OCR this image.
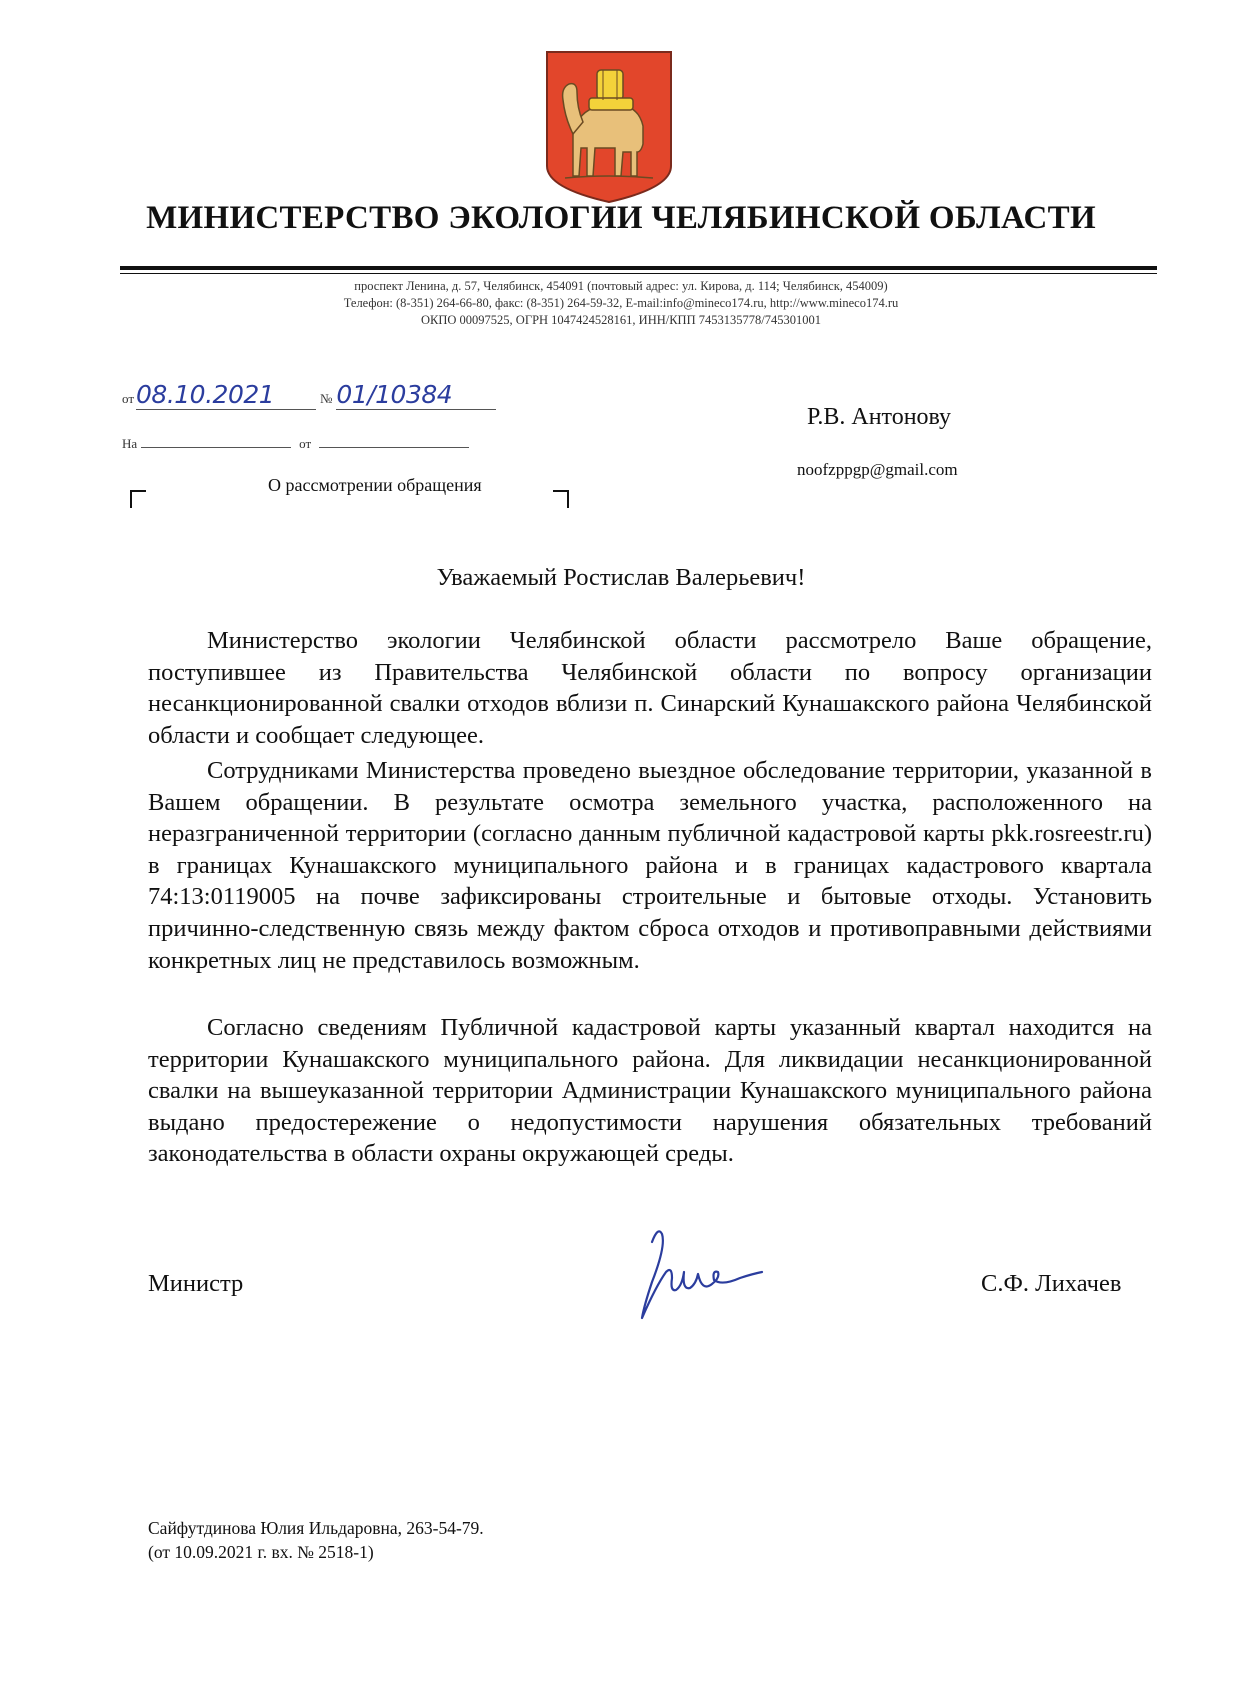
МИНИСТЕРСТВО ЭКОЛОГИИ ЧЕЛЯБИНСКОЙ ОБЛАСТИ
проспект Ленина, д. 57, Челябинск, 454091 (почтовый адрес: ул. Кирова, д. 114; Челябинск, 454009)
Телефон: (8-351) 264-66-80, факс: (8-351) 264-59-32, E-mail:info@mineco174.ru, http://www.mineco174.ru
ОКПО 00097525, ОГРН 1047424528161, ИНН/КПП 7453135778/745301001
от08.10.2021	№ 01/10384
На	от
О рассмотрении обращения
Р.В. Антонову
noofzppgp@gmail.com
Уважаемый Ростислав Валерьевич!

Министерство экологии Челябинской области рассмотрело Ваше обращение, поступившее из Правительства Челябинской области по вопросу организации несанкционированной свалки отходов вблизи п. Синарский Кунашакского района Челябинской области и сообщает следующее.

Сотрудниками Министерства проведено выездное обследование территории, указанной в Вашем обращении. В результате осмотра земельного участка, расположенного на неразграниченной территории (согласно данным публичной кадастровой карты pkk.rosreestr.ru) в границах Кунашакского муниципального района и в границах кадастрового квартала 74:13:0119005 на почве зафиксированы строительные и бытовые отходы. Установить причинно-следственную связь между фактом сброса отходов и противоправными действиями конкретных лиц не представилось возможным.

Согласно сведениям Публичной кадастровой карты указанный квартал находится на территории Кунашакского муниципального района. Для ликвидации несанкционированной свалки на вышеуказанной территории Администрации Кунашакского муниципального района выдано предостережение о недопустимости нарушения обязательных требований законодательства в области охраны окружающей среды.

Министр	С.Ф. Лихачев
Сайфутдинова Юлия Ильдаровна, 263-54-79.
(от 10.09.2021 г. вх. № 2518-1)
